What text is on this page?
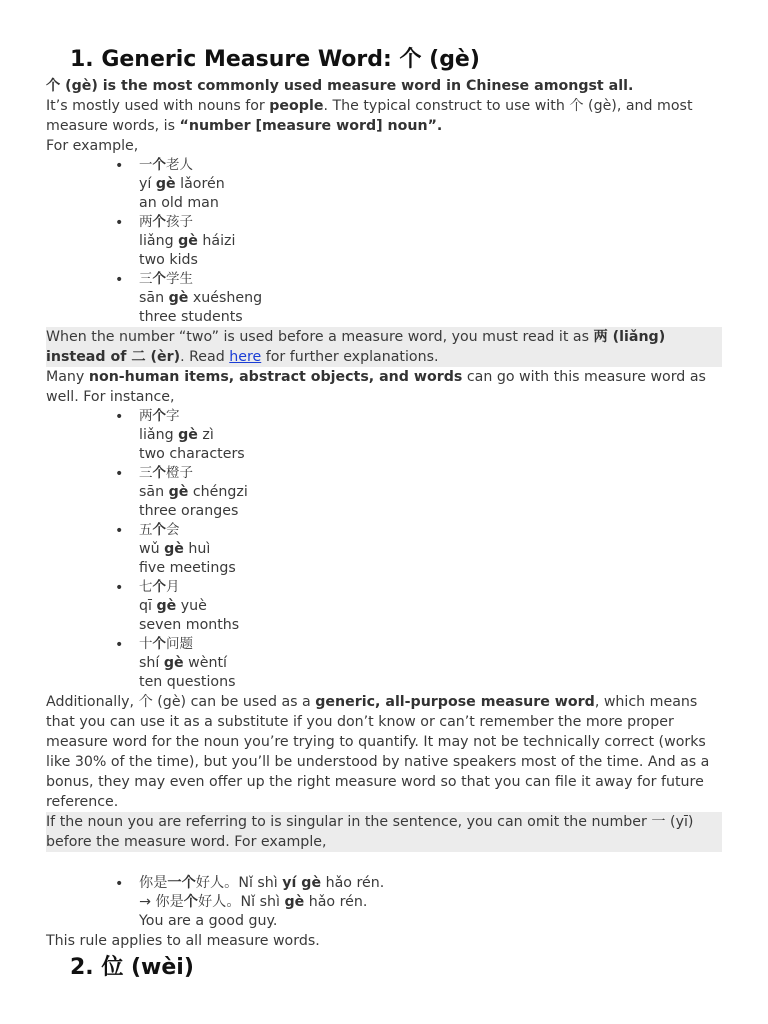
1. Generic Measure Word: 个 (gè)

个 (gè) is the most commonly used measure word in Chinese amongst all.

It’s mostly used with nouns for people. The typical construct to use with 个 (gè), and most measure words, is “number [measure word] noun”.

For example,

• 一个老人
yí gè lǎorén
an old man
• 两个孩子
liǎng gè háizi
two kids
• 三个学生
sān gè xuésheng
three students

When the number “two” is used before a measure word, you must read it as 两 (liǎng) instead of 二 (èr). Read here for further explanations.

Many non-human items, abstract objects, and words can go with this measure word as well. For instance,

• 两个字
liǎng gè zì
two characters
• 三个橙子
sān gè chéngzi
three oranges
• 五个会
wǔ gè huì
five meetings
• 七个月
qī gè yuè
seven months
• 十个问题
shí gè wèntí
ten questions

Additionally, 个 (gè) can be used as a generic, all-purpose measure word, which means that you can use it as a substitute if you don’t know or can’t remember the more proper measure word for the noun you’re trying to quantify. It may not be technically correct (works like 30% of the time), but you’ll be understood by native speakers most of the time. And as a bonus, they may even offer up the right measure word so that you can file it away for future reference.

If the noun you are referring to is singular in the sentence, you can omit the number 一 (yī) before the measure word. For example,

• 你是一个好人。Nǐ shì yí gè hǎo rén.
→ 你是个好人。Nǐ shì gè hǎo rén.
You are a good guy.

This rule applies to all measure words.

2. 位 (wèi)
